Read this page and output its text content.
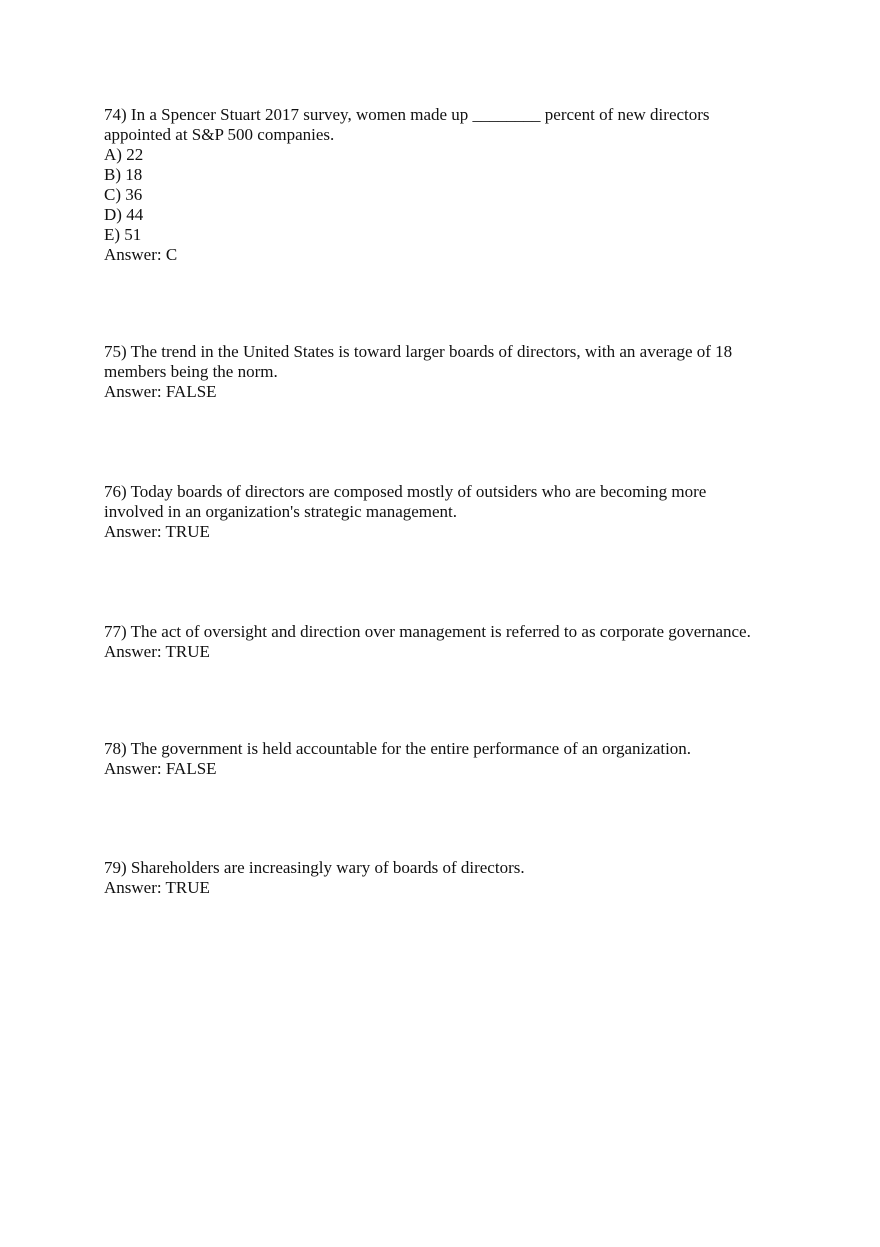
74) In a Spencer Stuart 2017 survey, women made up ________ percent of new directors
appointed at S&P 500 companies.
A) 22
B) 18
C) 36
D) 44
E) 51
Answer: C
75) The trend in the United States is toward larger boards of directors, with an average of 18
members being the norm.
Answer: FALSE
76) Today boards of directors are composed mostly of outsiders who are becoming more
involved in an organization's strategic management.
Answer: TRUE
77) The act of oversight and direction over management is referred to as corporate governance.
Answer: TRUE
78) The government is held accountable for the entire performance of an organization.
Answer: FALSE
79) Shareholders are increasingly wary of boards of directors.
Answer: TRUE
